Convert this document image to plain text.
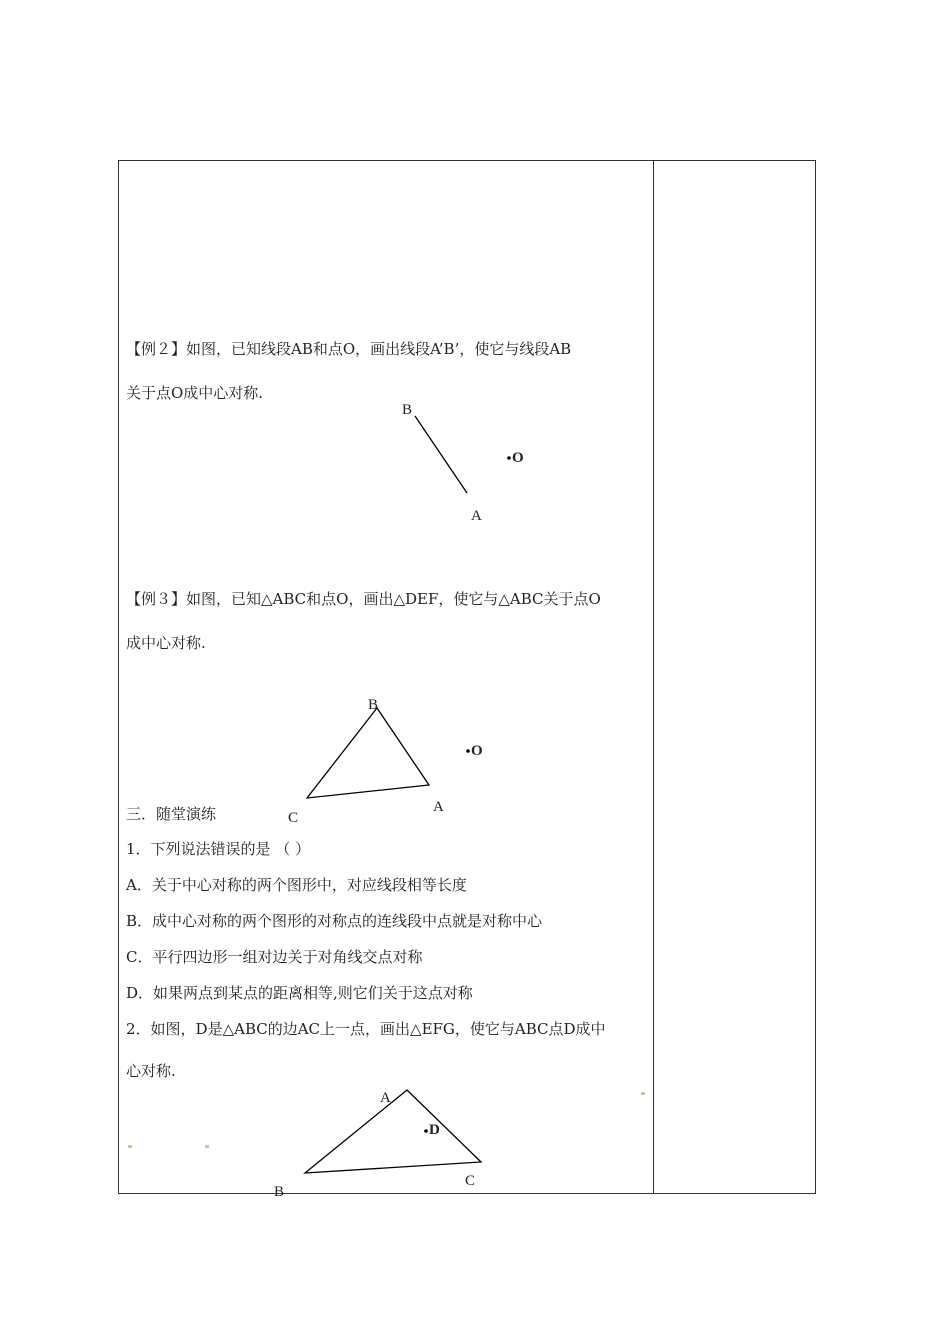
【例２】如图，已知线段AB和点O，画出线段A’B’，使它与线段AB
关于点O成中心对称.
B
A
O
【例３】如图，已知△ABC和点O，画出△DEF，使它与△ABC关于点O
成中心对称.
B
A
C
O
三．随堂演练
1．下列说法错误的是 （ ）
A．关于中心对称的两个图形中，对应线段相等长度
B．成中心对称的两个图形的对称点的连线段中点就是对称中心
C．平行四边形一组对边关于对角线交点对称
D．如果两点到某点的距离相等,则它们关于这点对称
2．如图，D是△ABC的边AC上一点，画出△EFG，使它与ABC点D成中
心对称.
A
B
C
D
